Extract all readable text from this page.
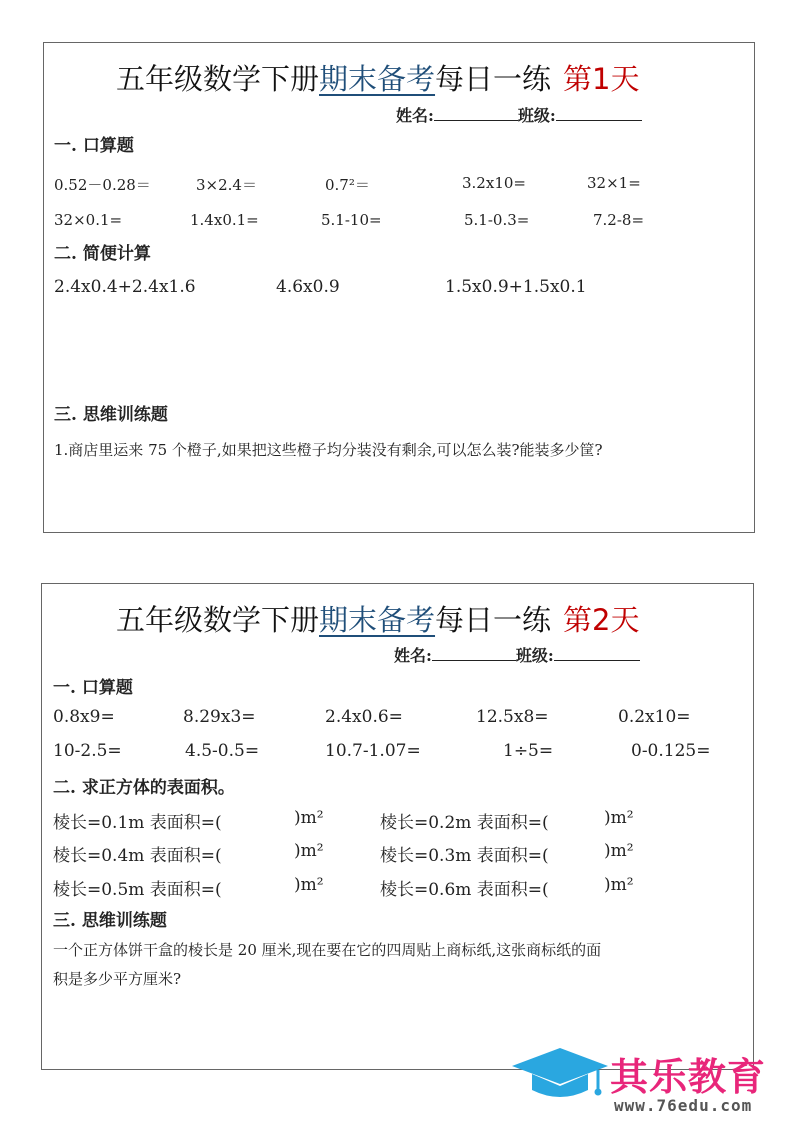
五年级数学下册期末备考每日一练 第1天
姓名:	班级:
一. 口算题
0.52－0.28＝	3×2.4＝	0.7²＝	3.2x10=	32×1=
32×0.1=	1.4x0.1=	5.1-10=	5.1-0.3=	7.2-8=
二. 简便计算
2.4x0.4+2.4x1.6	4.6x0.9	1.5x0.9+1.5x0.1
三. 思维训练题
1.商店里运来 75 个橙子,如果把这些橙子均分装没有剩余,可以怎么装?能装多少筐?
五年级数学下册期末备考每日一练 第2天
姓名:	班级:
一. 口算题
0.8x9=	8.29x3=	2.4x0.6=	12.5x8=	0.2x10=
10-2.5=	4.5-0.5=	10.7-1.07=	1÷5=	0-0.125=
二. 求正方体的表面积。
棱长=0.1m 表面积=(	)m²	棱长=0.2m 表面积=(	)m²
棱长=0.4m 表面积=(	)m²	棱长=0.3m 表面积=(	)m²
棱长=0.5m 表面积=(	)m²	棱长=0.6m 表面积=(	)m²
三. 思维训练题
一个正方体饼干盒的棱长是 20 厘米,现在要在它的四周贴上商标纸,这张商标纸的面
积是多少平方厘米?
其乐教育
www.76edu.com
